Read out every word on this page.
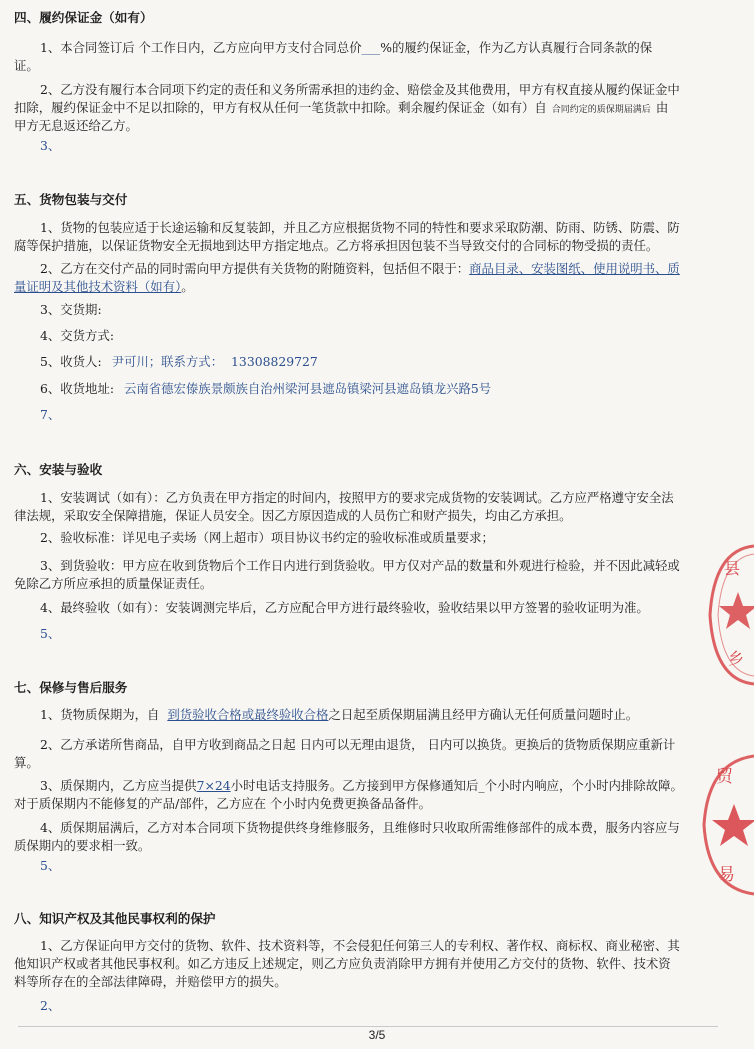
四、履约保证金（如有）
1、本合同签订后 个工作日内，乙方应向甲方支付合同总价___%的履约保证金，作为乙方认真履行合同条款的保
证。
2、乙方没有履行本合同项下约定的责任和义务所需承担的违约金、赔偿金及其他费用，甲方有权直接从履约保证金中
扣除，履约保证金中不足以扣除的，甲方有权从任何一笔货款中扣除。剩余履约保证金（如有）自 合同约定的质保期届满后 由
甲方无息返还给乙方。
3、
五、货物包装与交付
1、货物的包装应适于长途运输和反复装卸，并且乙方应根据货物不同的特性和要求采取防潮、防雨、防锈、防震、防
腐等保护措施，以保证货物安全无损地到达甲方指定地点。乙方将承担因包装不当导致交付的合同标的物受损的责任。
2、乙方在交付产品的同时需向甲方提供有关货物的附随资料，包括但不限于：商品目录、安装图纸、使用说明书、质
量证明及其他技术资料（如有）。
3、交货期:
4、交货方式:
5、收货人: 尹可川；联系方式： 13308829727
6、收货地址: 云南省德宏傣族景颇族自治州梁河县遮岛镇梁河县遮岛镇龙兴路5号
7、
六、安装与验收
1、安装调试（如有）：乙方负责在甲方指定的时间内，按照甲方的要求完成货物的安装调试。乙方应严格遵守安全法
律法规，采取安全保障措施，保证人员安全。因乙方原因造成的人员伤亡和财产损失，均由乙方承担。
2、验收标准：详见电子卖场（网上超市）项目协议书约定的验收标准或质量要求；
3、到货验收：甲方应在收到货物后个工作日内进行到货验收。甲方仅对产品的数量和外观进行检验，并不因此减轻或
免除乙方所应承担的质量保证责任。
4、最终验收（如有）：安装调测完毕后，乙方应配合甲方进行最终验收，验收结果以甲方签署的验收证明为准。
5、
七、保修与售后服务
1、货物质保期为，自 到货验收合格或最终验收合格之日起至质保期届满且经甲方确认无任何质量问题时止。
2、乙方承诺所售商品，自甲方收到商品之日起 日内可以无理由退货， 日内可以换货。更换后的货物质保期应重新计
算。
3、质保期内，乙方应当提供7×24小时电话支持服务。乙方接到甲方保修通知后_个小时内响应，个小时内排除故障。
对于质保期内不能修复的产品/部件，乙方应在 个小时内免费更换备品备件。
4、质保期届满后，乙方对本合同项下货物提供终身维修服务，且维修时只收取所需维修部件的成本费，服务内容应与
质保期内的要求相一致。
5、
八、知识产权及其他民事权利的保护
1、乙方保证向甲方交付的货物、软件、技术资料等，不会侵犯任何第三人的专利权、著作权、商标权、商业秘密、其
他知识产权或者其他民事权利。如乙方违反上述规定，则乙方应负责消除甲方拥有并使用乙方交付的货物、软件、技术资
料等所存在的全部法律障碍，并赔偿甲方的损失。
2、
3/5
县
乡
贸
易
